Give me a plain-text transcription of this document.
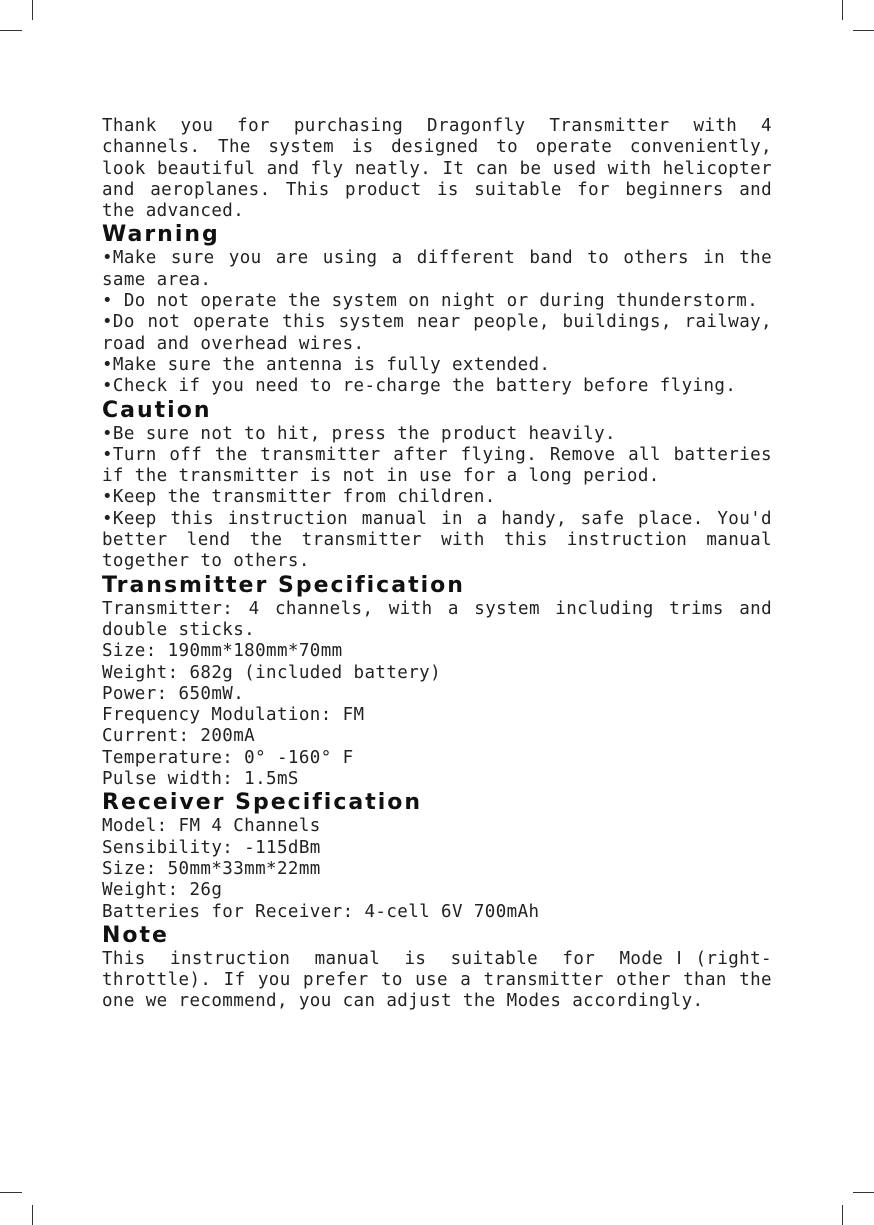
Thank you for purchasing Dragonfly Transmitter with 4 channels. The system is designed to operate conveniently, look beautiful and fly neatly. It can be used with helicopter and aeroplanes. This product is suitable for beginners and the advanced.

Warning

•Make sure you are using a different band to others in the same area.

• Do not operate the system on night or during thunderstorm.

•Do not operate this system near people, buildings, railway, road and overhead wires.

•Make sure the antenna is fully extended.

•Check if you need to re-charge the battery before flying.

Caution

•Be sure not to hit, press the product heavily.

•Turn off the transmitter after flying. Remove all batteries if the transmitter is not in use for a long period.

•Keep the transmitter from children.

•Keep this instruction manual in a handy, safe place. You'd better lend the transmitter with this instruction manual together to others.

Transmitter Specification

Transmitter: 4 channels, with a system including trims and double sticks.

Size: 190mm*180mm*70mm

Weight: 682g (included battery)

Power: 650mW.

Frequency Modulation: FM

Current: 200mA

Temperature: 0° -160° F

Pulse width: 1.5mS

Receiver Specification

Model: FM 4 Channels

Sensibility: -115dBm

Size: 50mm*33mm*22mm

Weight: 26g

Batteries for Receiver: 4-cell 6V 700mAh

Note

This instruction manual is suitable for ModeⅠ(right-throttle). If you prefer to use a transmitter other than the one we recommend, you can adjust the Modes accordingly.
